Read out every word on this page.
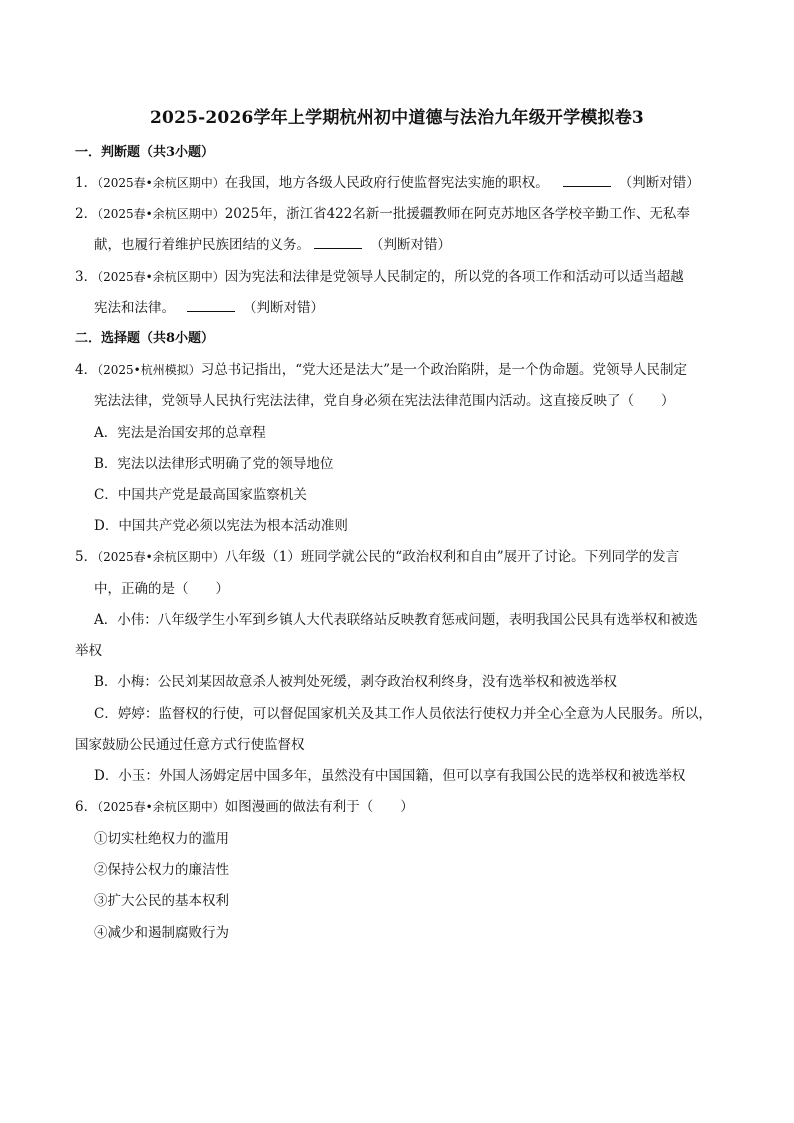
2025-2026学年上学期杭州初中道德与法治九年级开学模拟卷3
一．判断题（共3小题）
1．（2025春•余杭区期中）在我国，地方各级人民政府行使监督宪法实施的职权。	（判断对错）
2．（2025春•余杭区期中）2025年，浙江省422名新一批援疆教师在阿克苏地区各学校辛勤工作、无私奉
献，也履行着维护民族团结的义务。	（判断对错）
3．（2025春•余杭区期中）因为宪法和法律是党领导人民制定的，所以党的各项工作和活动可以适当超越
宪法和法律。	（判断对错）
二．选择题（共8小题）
4．（2025•杭州模拟）习总书记指出，“党大还是法大”是一个政治陷阱，是一个伪命题。党领导人民制定
宪法法律，党领导人民执行宪法法律，党自身必须在宪法法律范围内活动。这直接反映了（　　）
A．宪法是治国安邦的总章程
B．宪法以法律形式明确了党的领导地位
C．中国共产党是最高国家监察机关
D．中国共产党必须以宪法为根本活动准则
5．（2025春•余杭区期中）八年级（1）班同学就公民的“政治权利和自由”展开了讨论。下列同学的发言
中，正确的是（　　）
A．小伟：八年级学生小军到乡镇人大代表联络站反映教育惩戒问题，表明我国公民具有选举权和被选
举权
B．小梅：公民刘某因故意杀人被判处死缓，剥夺政治权利终身，没有选举权和被选举权
C．婷婷：监督权的行使，可以督促国家机关及其工作人员依法行使权力并全心全意为人民服务。所以，
国家鼓励公民通过任意方式行使监督权
D．小玉：外国人汤姆定居中国多年，虽然没有中国国籍，但可以享有我国公民的选举权和被选举权
6．（2025春•余杭区期中）如图漫画的做法有利于（　　）
①切实杜绝权力的滥用
②保持公权力的廉洁性
③扩大公民的基本权利
④减少和遏制腐败行为
